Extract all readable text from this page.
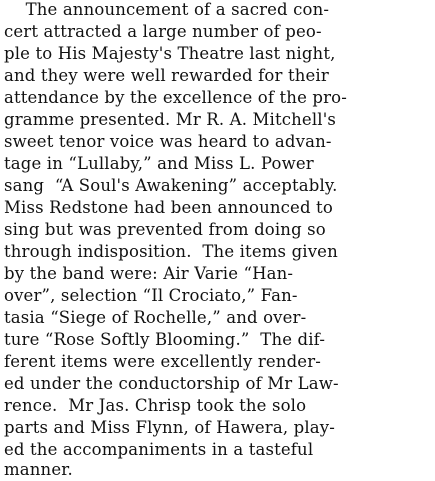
The announcement of a sacred con-
cert attracted a large number of peo-
ple to His Majesty's Theatre last night,
and they were well rewarded for their
attendance by the excellence of the pro-
gramme presented. Mr R. A. Mitchell's
sweet tenor voice was heard to advan-
tage in “Lullaby,” and Miss L. Power
sang  “A Soul's Awakening” acceptably.
Miss Redstone had been announced to
sing but was prevented from doing so
through indisposition.  The items given
by the band were: Air Varie “Han-
over”, selection “Il Crociato,” Fan-
tasia “Siege of Rochelle,” and over-
ture “Rose Softly Blooming.”  The dif-
ferent items were excellently render-
ed under the conductorship of Mr Law-
rence.  Mr Jas. Chrisp took the solo
parts and Miss Flynn, of Hawera, play-
ed the accompaniments in a tasteful
manner.
